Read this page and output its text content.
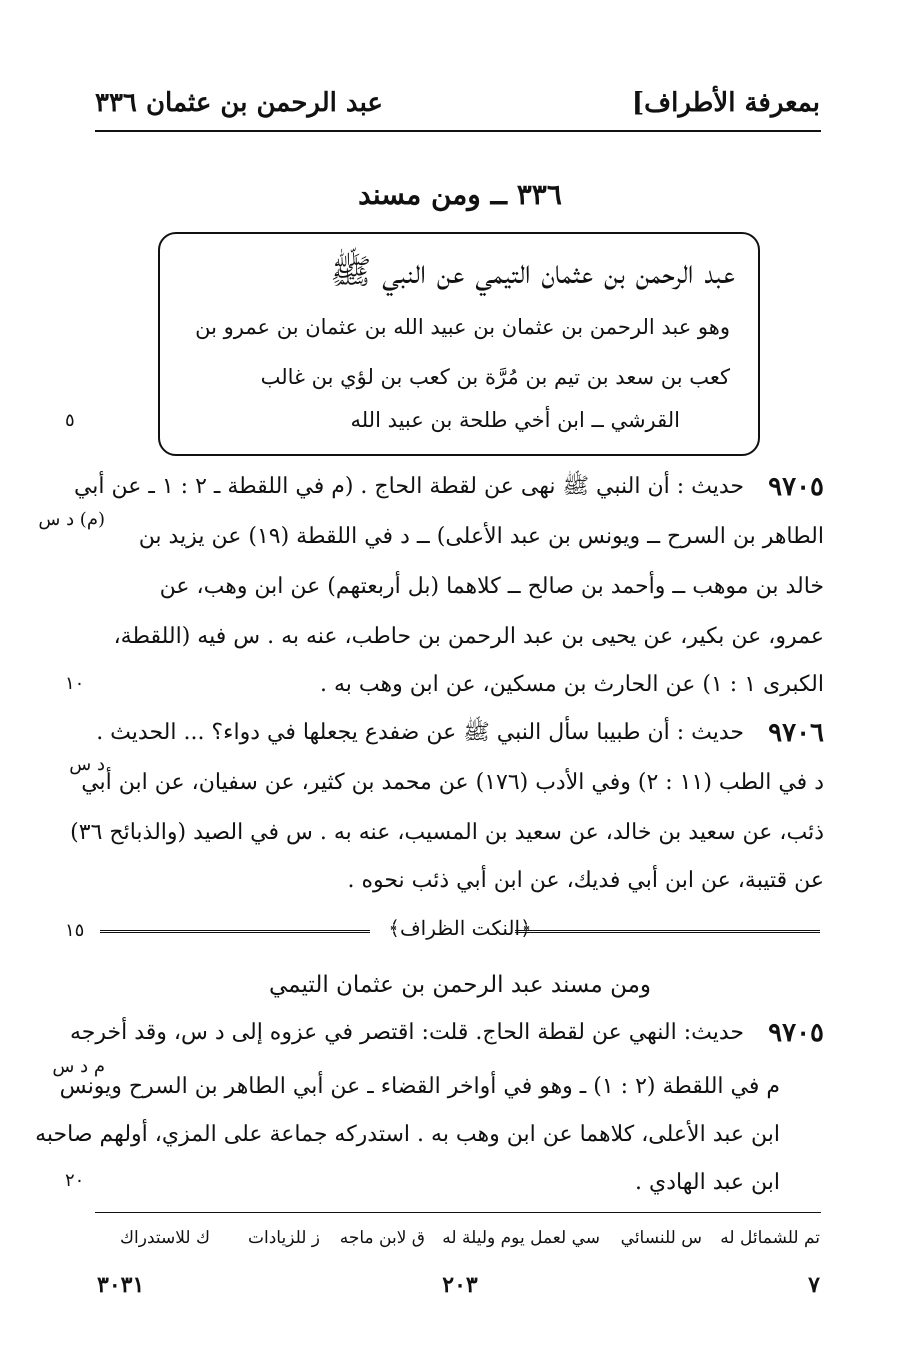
بمعرفة الأطراف]
عبد الرحمن بن عثمان ٣٣٦
٣٣٦ ــ ومن مسند
عبد الرحمن بن عثمان التيمي عن النبي ﷺ
وهو عبد الرحمن بن عثمان بن عبيد الله بن عثمان بن عمرو بن
كعب بن سعد بن تيم بن مُرَّة بن كعب بن لؤي بن غالب
القرشي ــ ابن أخي طلحة بن عبيد الله
٥
١٠
١٥
٢٠
٩٧٠٥
حديث : أن النبي ﷺ نهى عن لقطة الحاج . (م في اللقطة ـ ٢ : ١ ـ عن أبي
(م) د س
الطاهر بن السرح ــ ويونس بن عبد الأعلى) ــ د في اللقطة (١٩) عن يزيد بن
خالد بن موهب ــ وأحمد بن صالح ــ كلاهما (بل أربعتهم) عن ابن وهب، عن
عمرو، عن بكير، عن يحيى بن عبد الرحمن بن حاطب، عنه به . س فيه (اللقطة،
الكبرى ١ : ١) عن الحارث بن مسكين، عن ابن وهب به .
٩٧٠٦
حديث : أن طبيبا سأل النبي ﷺ عن ضفدع يجعلها في دواء؟ ... الحديث .
د س
د في الطب (١١ : ٢) وفي الأدب (١٧٦) عن محمد بن كثير، عن سفيان، عن ابن أبي
ذئب، عن سعيد بن خالد، عن سعيد بن المسيب، عنه به . س في الصيد (والذبائح ٣٦)
عن قتيبة، عن ابن أبي فديك، عن ابن أبي ذئب نحوه .
﴿النكت الظراف﴾
ومن مسند عبد الرحمن بن عثمان التيمي
٩٧٠٥
حديث: النهي عن لقطة الحاج. قلت: اقتصر في عزوه إلى د س، وقد أخرجه
م د س
م في اللقطة (٢ : ١) ـ وهو في أواخر القضاء ـ عن أبي الطاهر بن السرح ويونس
ابن عبد الأعلى، كلاهما عن ابن وهب به . استدركه جماعة على المزي، أولهم صاحبه
ابن عبد الهادي .
تم للشمائل له
س للنسائي
سي لعمل يوم وليلة له
ق لابن ماجه
ز للزيادات
ك للاستدراك
٧
٢٠٣
٣٠٣١
